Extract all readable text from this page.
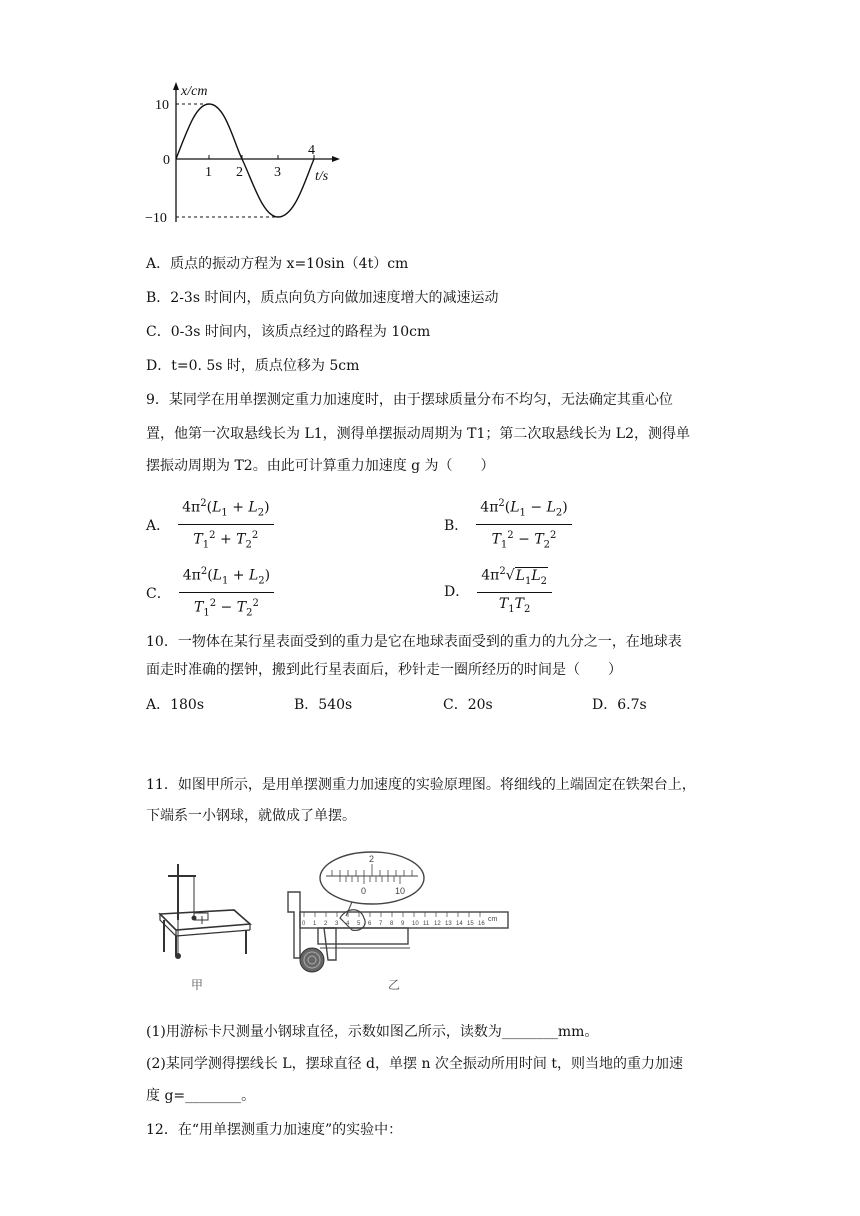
x/cm
10
0
−10
1 2 3
4
t/s
A．质点的振动方程为 x=10sin（4t）cm
B．2-3s 时间内，质点向负方向做加速度增大的减速运动
C．0-3s 时间内，该质点经过的路程为 10cm
D．t=0. 5s 时，质点位移为 5cm
9．某同学在用单摆测定重力加速度时，由于摆球质量分布不均匀，无法确定其重心位
置，他第一次取悬线长为 L1，测得单摆振动周期为 T1；第二次取悬线长为 L2，测得单
摆振动周期为 T2。由此可计算重力加速度 g 为（　　）
A． $\frac{4\pi^2(L_1 + L_2)}{T_1^2 + T_2^2}$	B． $\frac{4\pi^2(L_1 - L_2)}{T_1^2 - T_2^2}$
C． $\frac{4\pi^2(L_1 + L_2)}{T_1^2 - T_2^2}$	D． $\frac{4\pi^2√L_1L_2}{T_1T_2}$
10．一物体在某行星表面受到的重力是它在地球表面受到的重力的九分之一，在地球表
面走时准确的摆钟，搬到此行星表面后，秒针走一圈所经历的时间是（　　）
A．180s	B．540s	C．20s	D．6.7s
11．如图甲所示，是用单摆测重力加速度的实验原理图。将细线的上端固定在铁架台上，
下端系一小钢球，就做成了单摆。
甲
2
0	10
cm
0 1 2 3 4 5 6 7 8 9 10 11 12 13 14 15 16
乙
(1)用游标卡尺测量小钢球直径，示数如图乙所示，读数为________mm。
(2)某同学测得摆线长 L，摆球直径 d，单摆 n 次全振动所用时间 t，则当地的重力加速
度 g=________。
12．在“用单摆测重力加速度”的实验中：
